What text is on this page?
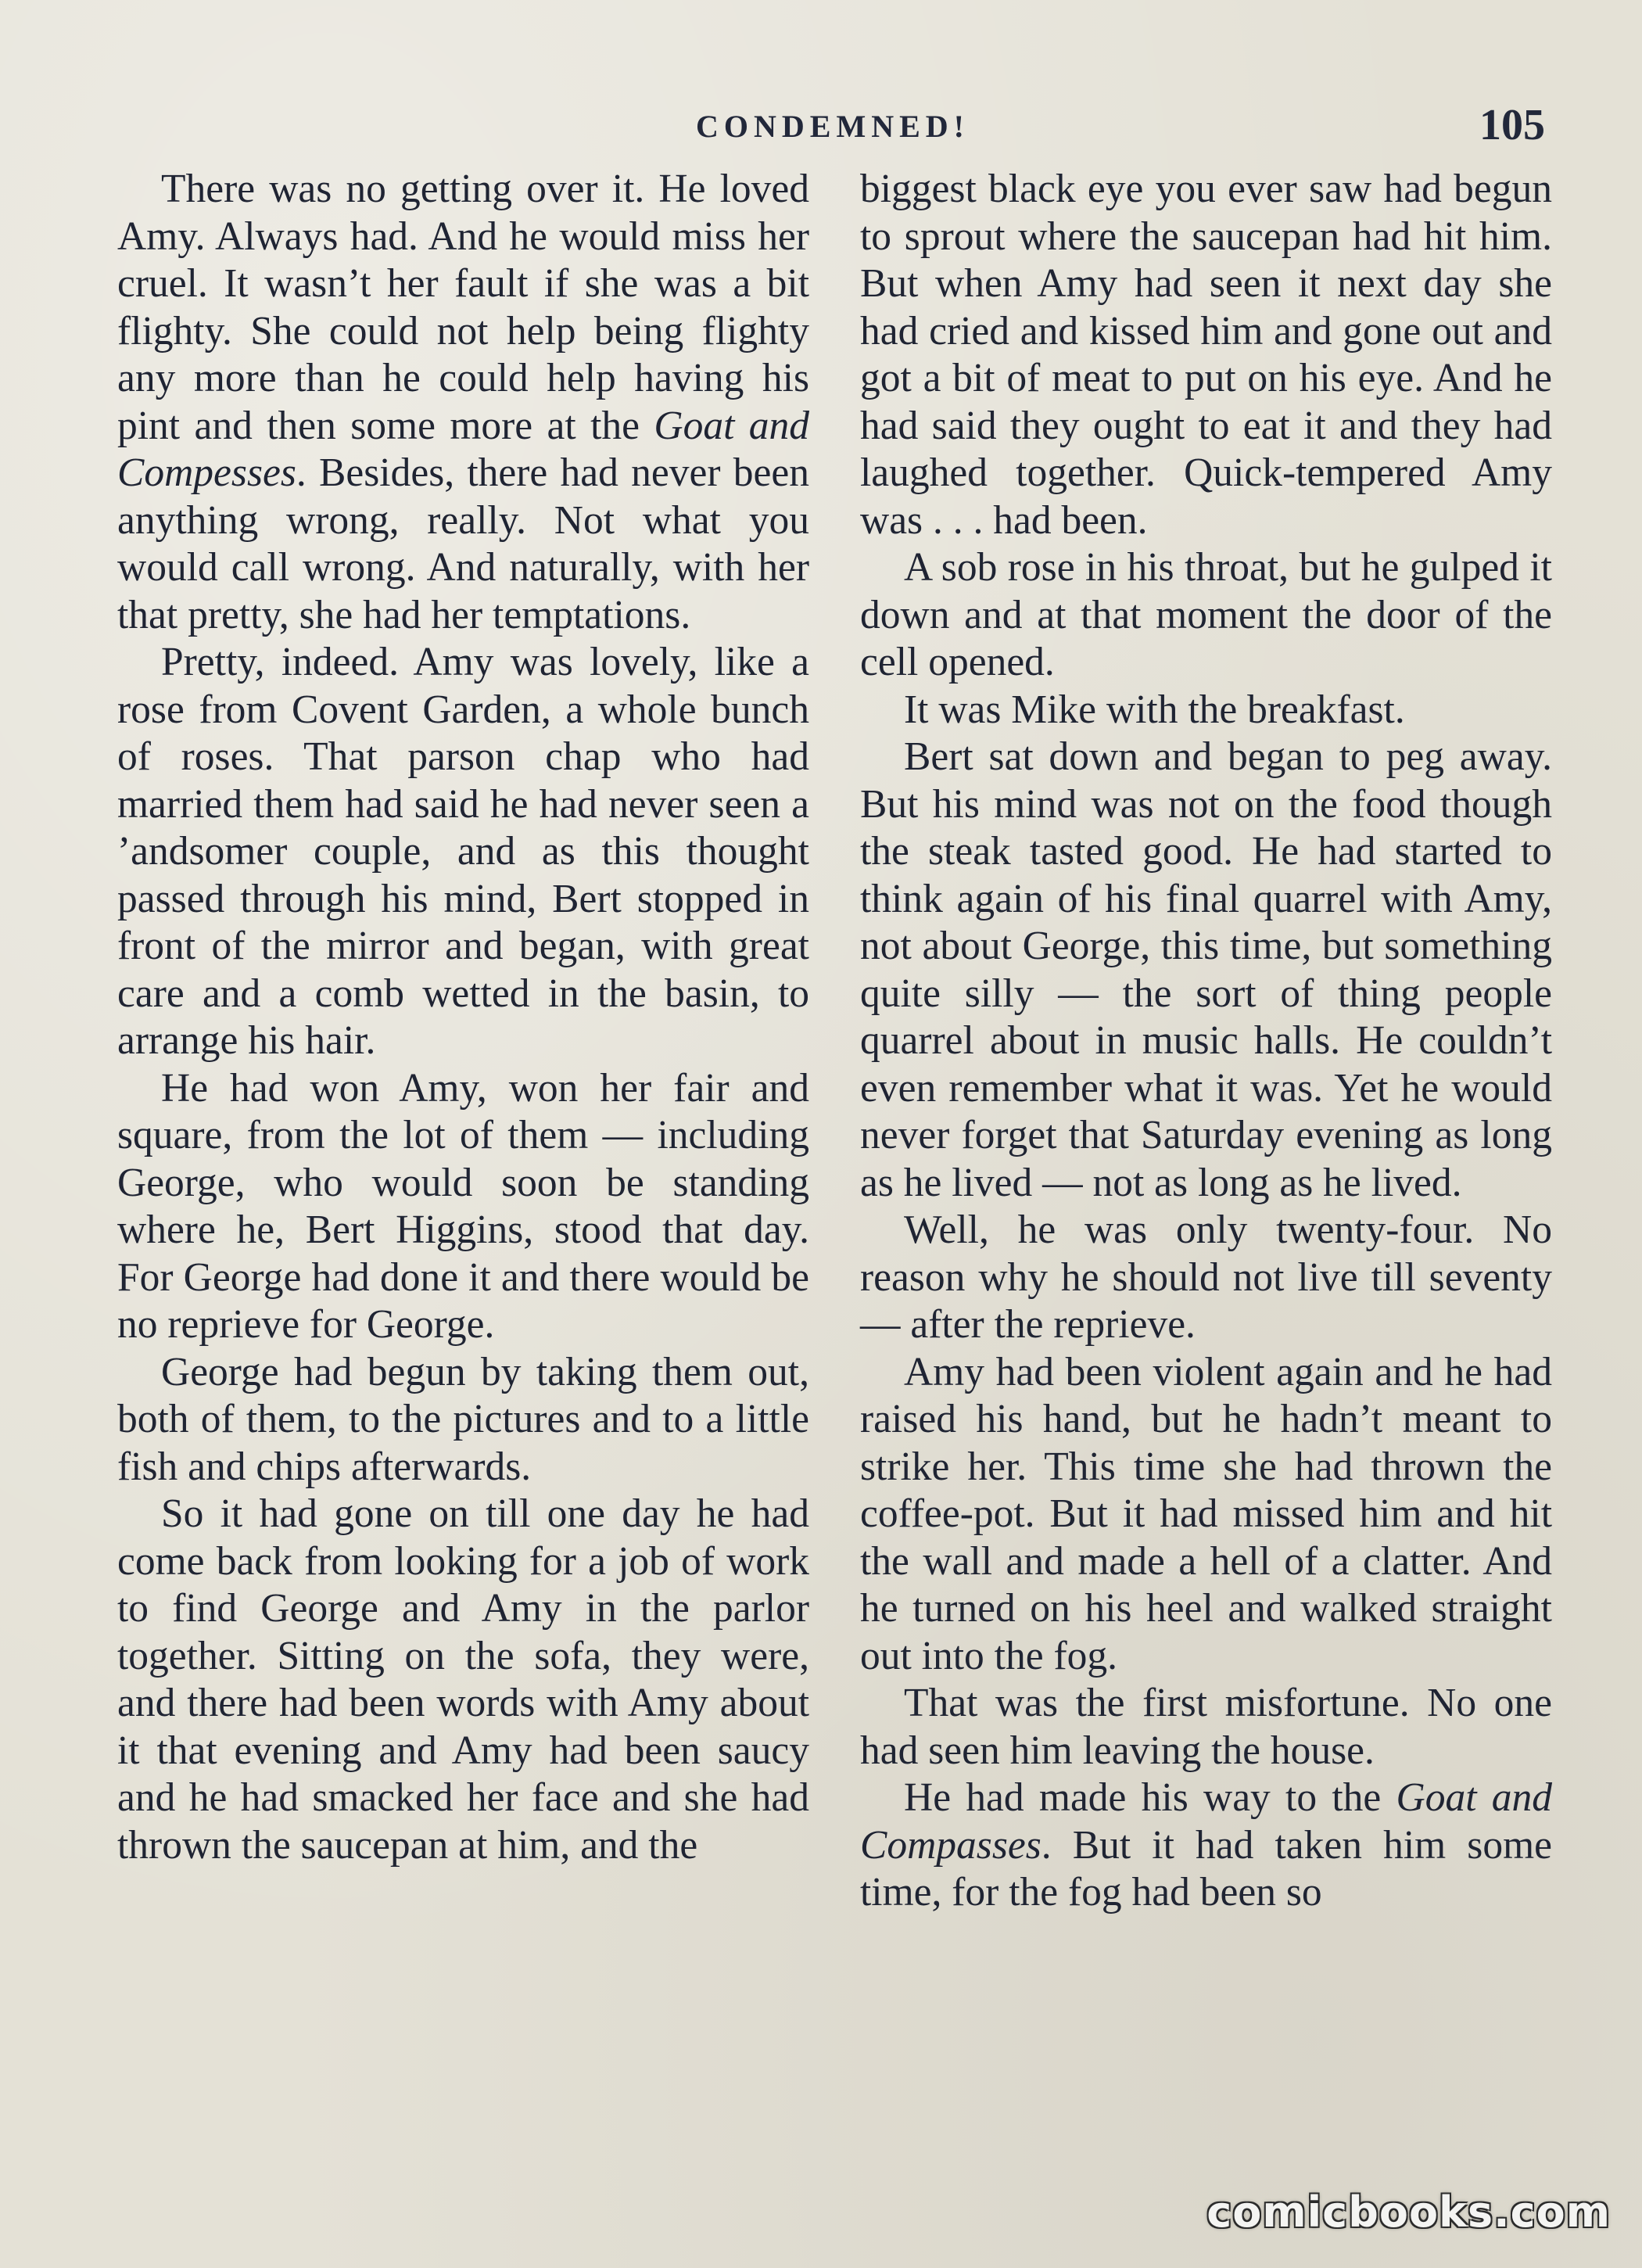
CONDEMNED!	105

There was no getting over it. He loved Amy. Always had. And he would miss her cruel. It wasn’t her fault if she was a bit flighty. She could not help being flighty any more than he could help having his pint and then some more at the Goat and Compesses. Besides, there had never been anything wrong, really. Not what you would call wrong. And naturally, with her that pretty, she had her temptations.

Pretty, indeed. Amy was lovely, like a rose from Covent Garden, a whole bunch of roses. That parson chap who had married them had said he had never seen a ’andsomer couple, and as this thought passed through his mind, Bert stopped in front of the mirror and began, with great care and a comb wetted in the basin, to arrange his hair.

He had won Amy, won her fair and square, from the lot of them — including George, who would soon be standing where he, Bert Higgins, stood that day. For George had done it and there would be no reprieve for George.

George had begun by taking them out, both of them, to the pictures and to a little fish and chips afterwards.

So it had gone on till one day he had come back from looking for a job of work to find George and Amy in the parlor together. Sitting on the sofa, they were, and there had been words with Amy about it that evening and Amy had been saucy and he had smacked her face and she had thrown the saucepan at him, and the

biggest black eye you ever saw had begun to sprout where the saucepan had hit him. But when Amy had seen it next day she had cried and kissed him and gone out and got a bit of meat to put on his eye. And he had said they ought to eat it and they had laughed together. Quick-tempered Amy was . . . had been.

A sob rose in his throat, but he gulped it down and at that moment the door of the cell opened.

It was Mike with the breakfast.

Bert sat down and began to peg away. But his mind was not on the food though the steak tasted good. He had started to think again of his final quarrel with Amy, not about George, this time, but something quite silly — the sort of thing people quarrel about in music halls. He couldn’t even remember what it was. Yet he would never forget that Saturday evening as long as he lived — not as long as he lived.

Well, he was only twenty-four. No reason why he should not live till seventy — after the reprieve.

Amy had been violent again and he had raised his hand, but he hadn’t meant to strike her. This time she had thrown the coffee-pot. But it had missed him and hit the wall and made a hell of a clatter. And he turned on his heel and walked straight out into the fog.

That was the first misfortune. No one had seen him leaving the house.

He had made his way to the Goat and Compasses. But it had taken him some time, for the fog had been so

comicbooks.com
